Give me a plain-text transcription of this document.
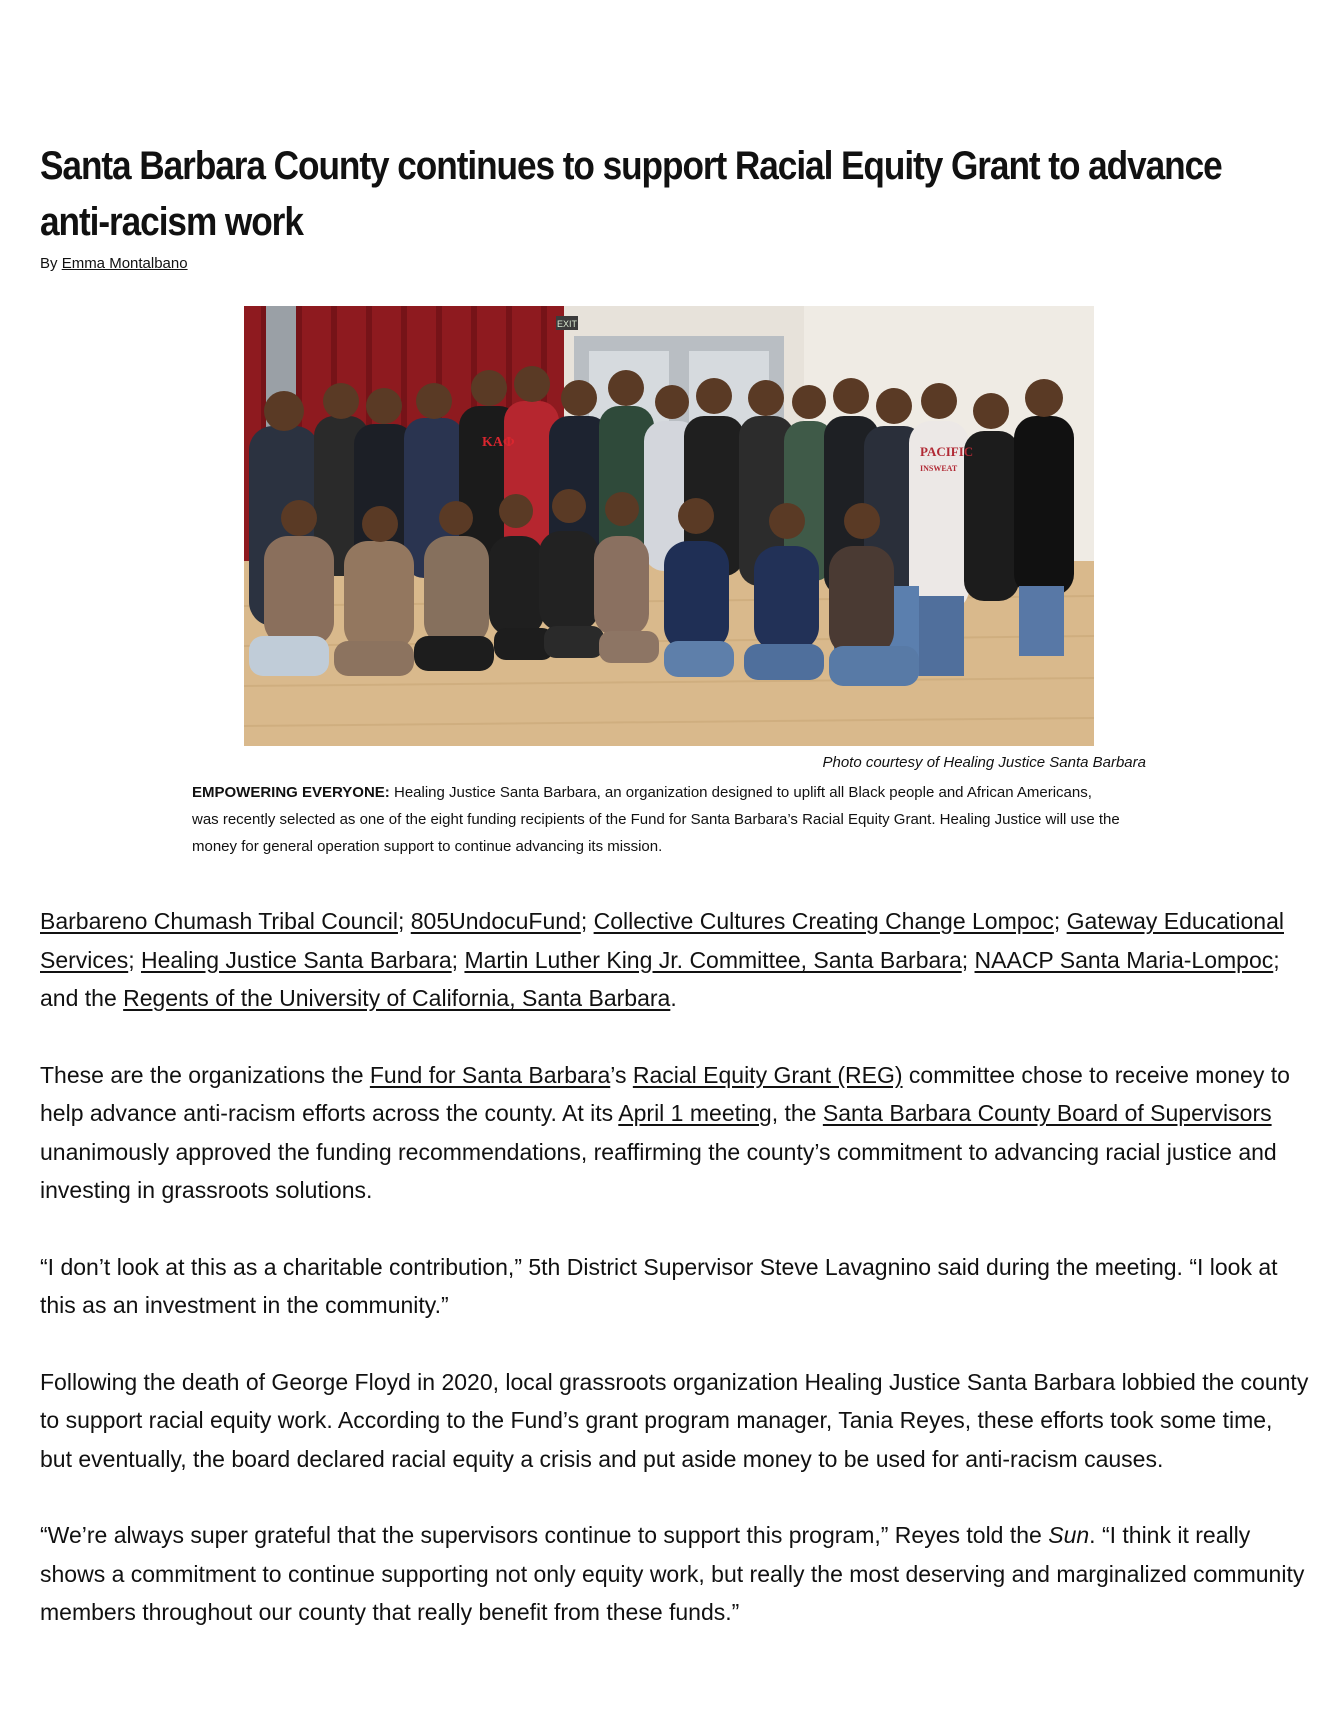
Santa Barbara County continues to support Racial Equity Grant to advance anti-racism work
By Emma Montalbano
EXIT
KAΦ
PACIFIC
INSWEAT
Photo courtesy of Healing Justice Santa Barbara
EMPOWERING EVERYONE: Healing Justice Santa Barbara, an organization designed to uplift all Black people and African Americans, was recently selected as one of the eight funding recipients of the Fund for Santa Barbara’s Racial Equity Grant. Healing Justice will use the money for general operation support to continue advancing its mission.

Barbareno Chumash Tribal Council; 805UndocuFund; Collective Cultures Creating Change Lompoc; Gateway Educational Services; Healing Justice Santa Barbara; Martin Luther King Jr. Committee, Santa Barbara; NAACP Santa Maria-Lompoc; and the Regents of the University of California, Santa Barbara.

These are the organizations the Fund for Santa Barbara’s Racial Equity Grant (REG) committee chose to receive money to help advance anti-racism efforts across the county. At its April 1 meeting, the Santa Barbara County Board of Supervisors unanimously approved the funding recommendations, reaffirming the county’s commitment to advancing racial justice and investing in grassroots solutions.

“I don’t look at this as a charitable contribution,” 5th District Supervisor Steve Lavagnino said during the meeting. “I look at this as an investment in the community.”

Following the death of George Floyd in 2020, local grassroots organization Healing Justice Santa Barbara lobbied the county to support racial equity work. According to the Fund’s grant program manager, Tania Reyes, these efforts took some time, but eventually, the board declared racial equity a crisis and put aside money to be used for anti-racism causes.

“We’re always super grateful that the supervisors continue to support this program,” Reyes told the Sun. “I think it really shows a commitment to continue supporting not only equity work, but really the most deserving and marginalized community members throughout our county that really benefit from these funds.”
